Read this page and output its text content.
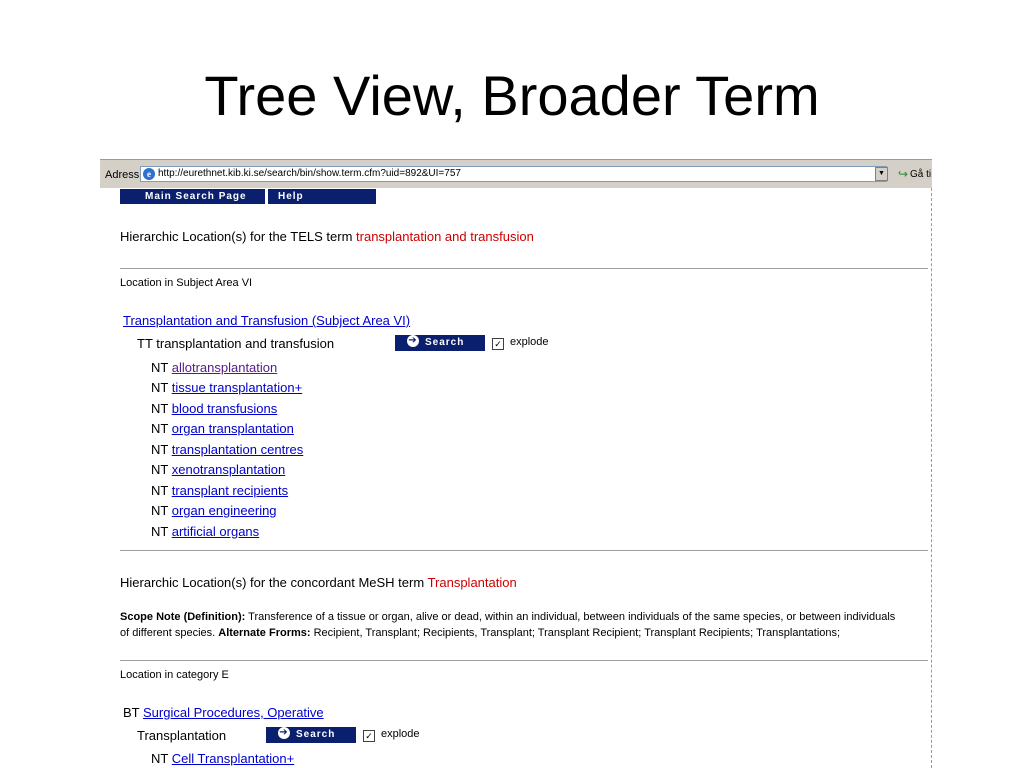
Tree View, Broader Term
Adress e http://eurethnet.kib.ki.se/search/bin/show.term.cfm?uid=892&UI=757	▼ ↪ Gå ti
Main Search Page	Help
Hierarchic Location(s) for the TELS term transplantation and transfusion
Location in Subject Area VI
Transplantation and Transfusion (Subject Area VI)
TT transplantation and transfusion	➔ Search	✓ explode
NT allotransplantation
NT tissue transplantation+
NT blood transfusions
NT organ transplantation
NT transplantation centres
NT xenotransplantation
NT transplant recipients
NT organ engineering
NT artificial organs
Hierarchic Location(s) for the concordant MeSH term Transplantation
Scope Note (Definition): Transference of a tissue or organ, alive or dead, within an individual, between individuals of the same species, or between individuals of different species. Alternate Frorms: Recipient, Transplant; Recipients, Transplant; Transplant Recipient; Transplant Recipients; Transplantations;
Location in category E
BT Surgical Procedures, Operative
Transplantation	➔ Search	✓ explode
NT Cell Transplantation+
